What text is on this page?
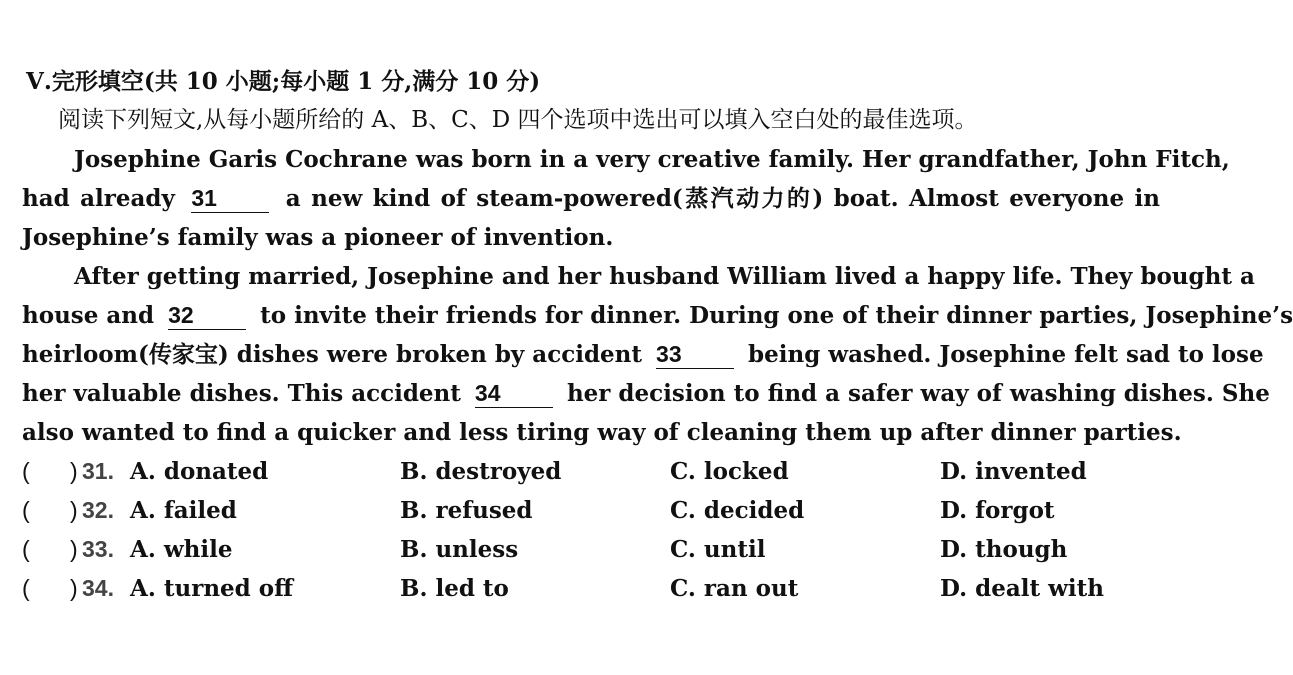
Ⅴ.完形填空(共 10 小题;每小题 1 分,满分 10 分)
阅读下列短文,从每小题所给的 A、B、C、D 四个选项中选出可以填入空白处的最佳选项。
Josephine Garis Cochrane was born in a very creative family. Her grandfather, John Fitch,
had already 31	a new kind of steam-powered(蒸汽动力的) boat. Almost everyone in
Josephine’s family was a pioneer of invention.
After getting married, Josephine and her husband William lived a happy life. They bought a
house and 32	to invite their friends for dinner. During one of their dinner parties, Josephine’s
heirloom(传家宝) dishes were broken by accident 33	being washed. Josephine felt sad to lose
her valuable dishes. This accident 34	her decision to find a safer way of washing dishes. She
also wanted to find a quicker and less tiring way of cleaning them up after dinner parties.
( ) 31. A. donated	B. destroyed	C. locked	D. invented
( ) 32. A. failed	B. refused	C. decided	D. forgot
( ) 33. A. while	B. unless	C. until	D. though
( ) 34. A. turned off	B. led to	C. ran out	D. dealt with
